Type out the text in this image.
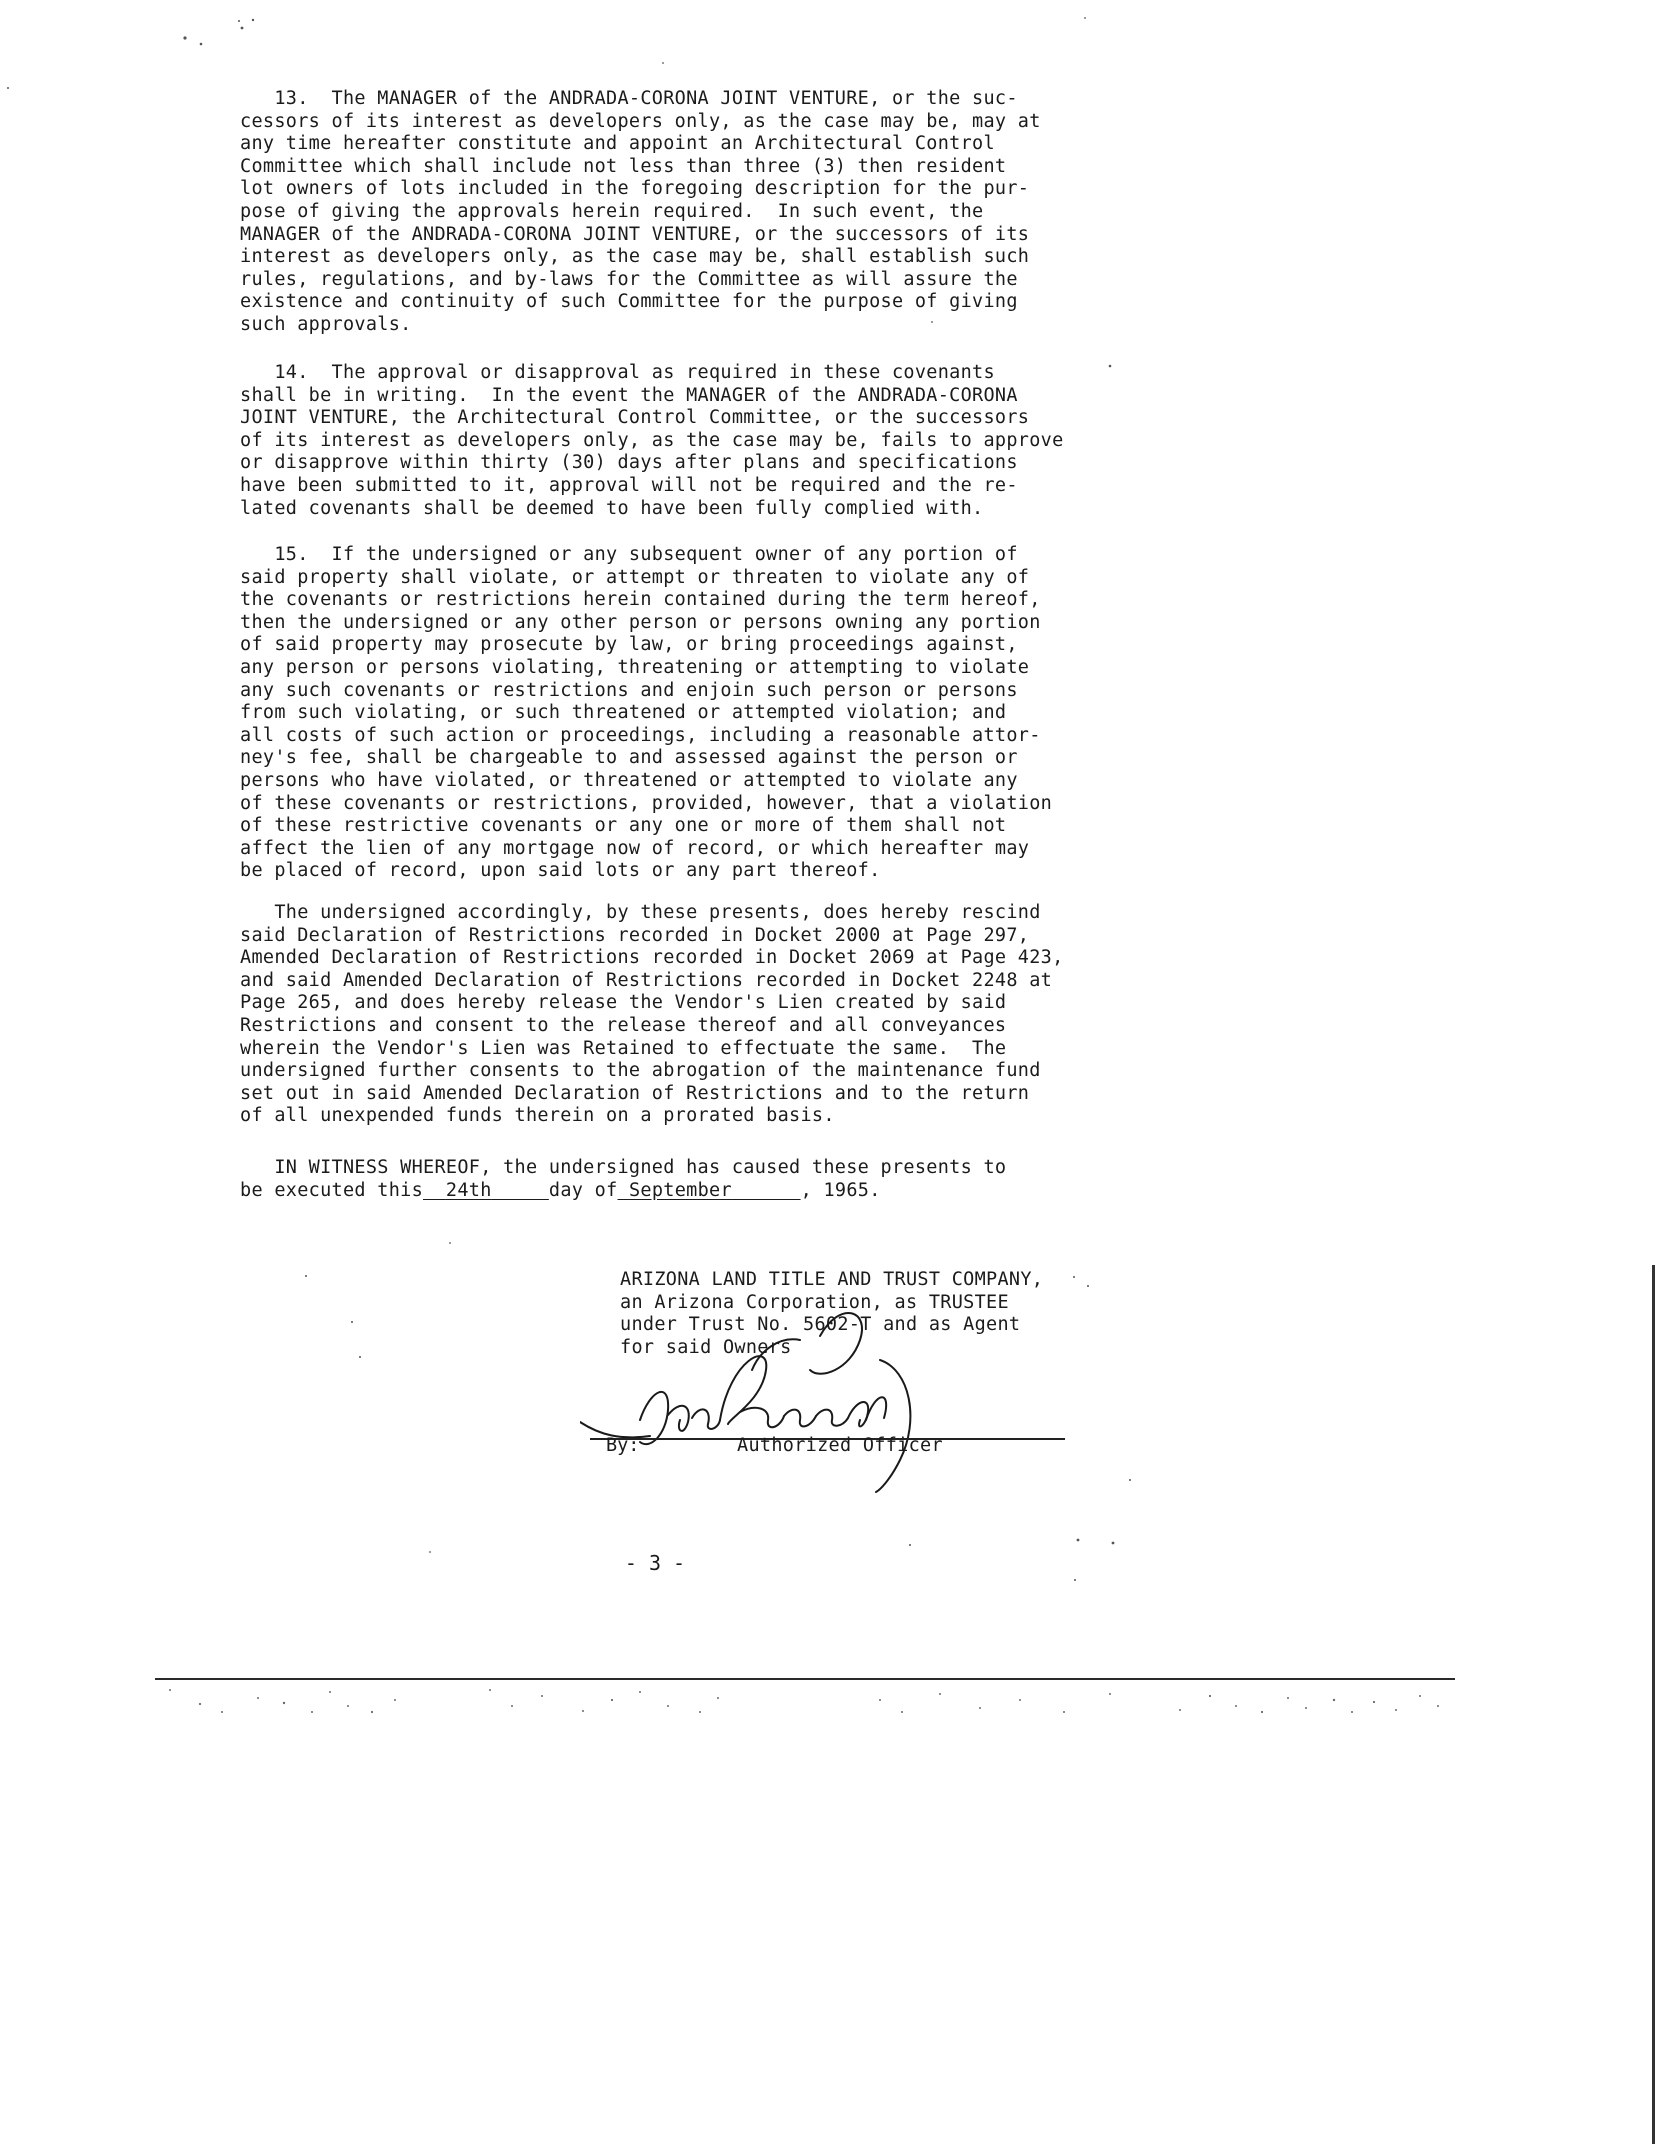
13.  The MANAGER of the ANDRADA-CORONA JOINT VENTURE, or the suc-
cessors of its interest as developers only, as the case may be, may at
any time hereafter constitute and appoint an Architectural Control
Committee which shall include not less than three (3) then resident
lot owners of lots included in the foregoing description for the pur-
pose of giving the approvals herein required.  In such event, the
MANAGER of the ANDRADA-CORONA JOINT VENTURE, or the successors of its
interest as developers only, as the case may be, shall establish such
rules, regulations, and by-laws for the Committee as will assure the
existence and continuity of such Committee for the purpose of giving
such approvals.

14.  The approval or disapproval as required in these covenants
shall be in writing.  In the event the MANAGER of the ANDRADA-CORONA
JOINT VENTURE, the Architectural Control Committee, or the successors
of its interest as developers only, as the case may be, fails to approve
or disapprove within thirty (30) days after plans and specifications
have been submitted to it, approval will not be required and the re-
lated covenants shall be deemed to have been fully complied with.

15.  If the undersigned or any subsequent owner of any portion of
said property shall violate, or attempt or threaten to violate any of
the covenants or restrictions herein contained during the term hereof,
then the undersigned or any other person or persons owning any portion
of said property may prosecute by law, or bring proceedings against,
any person or persons violating, threatening or attempting to violate
any such covenants or restrictions and enjoin such person or persons
from such violating, or such threatened or attempted violation; and
all costs of such action or proceedings, including a reasonable attor-
ney's fee, shall be chargeable to and assessed against the person or
persons who have violated, or threatened or attempted to violate any
of these covenants or restrictions, provided, however, that a violation
of these restrictive covenants or any one or more of them shall not
affect the lien of any mortgage now of record, or which hereafter may
be placed of record, upon said lots or any part thereof.

The undersigned accordingly, by these presents, does hereby rescind
said Declaration of Restrictions recorded in Docket 2000 at Page 297,
Amended Declaration of Restrictions recorded in Docket 2069 at Page 423,
and said Amended Declaration of Restrictions recorded in Docket 2248 at
Page 265, and does hereby release the Vendor's Lien created by said
Restrictions and consent to the release thereof and all conveyances
wherein the Vendor's Lien was Retained to effectuate the same.  The
undersigned further consents to the abrogation of the maintenance fund
set out in said Amended Declaration of Restrictions and to the return
of all unexpended funds therein on a prorated basis.

IN WITNESS WHEREOF, the undersigned has caused these presents to
be executed this 24th	day of September	, 1965.

ARIZONA LAND TITLE AND TRUST COMPANY,
an Arizona Corporation, as TRUSTEE
under Trust No. 5602-T and as Agent
for said Owners
By:	Authorized Officer
- 3 -
